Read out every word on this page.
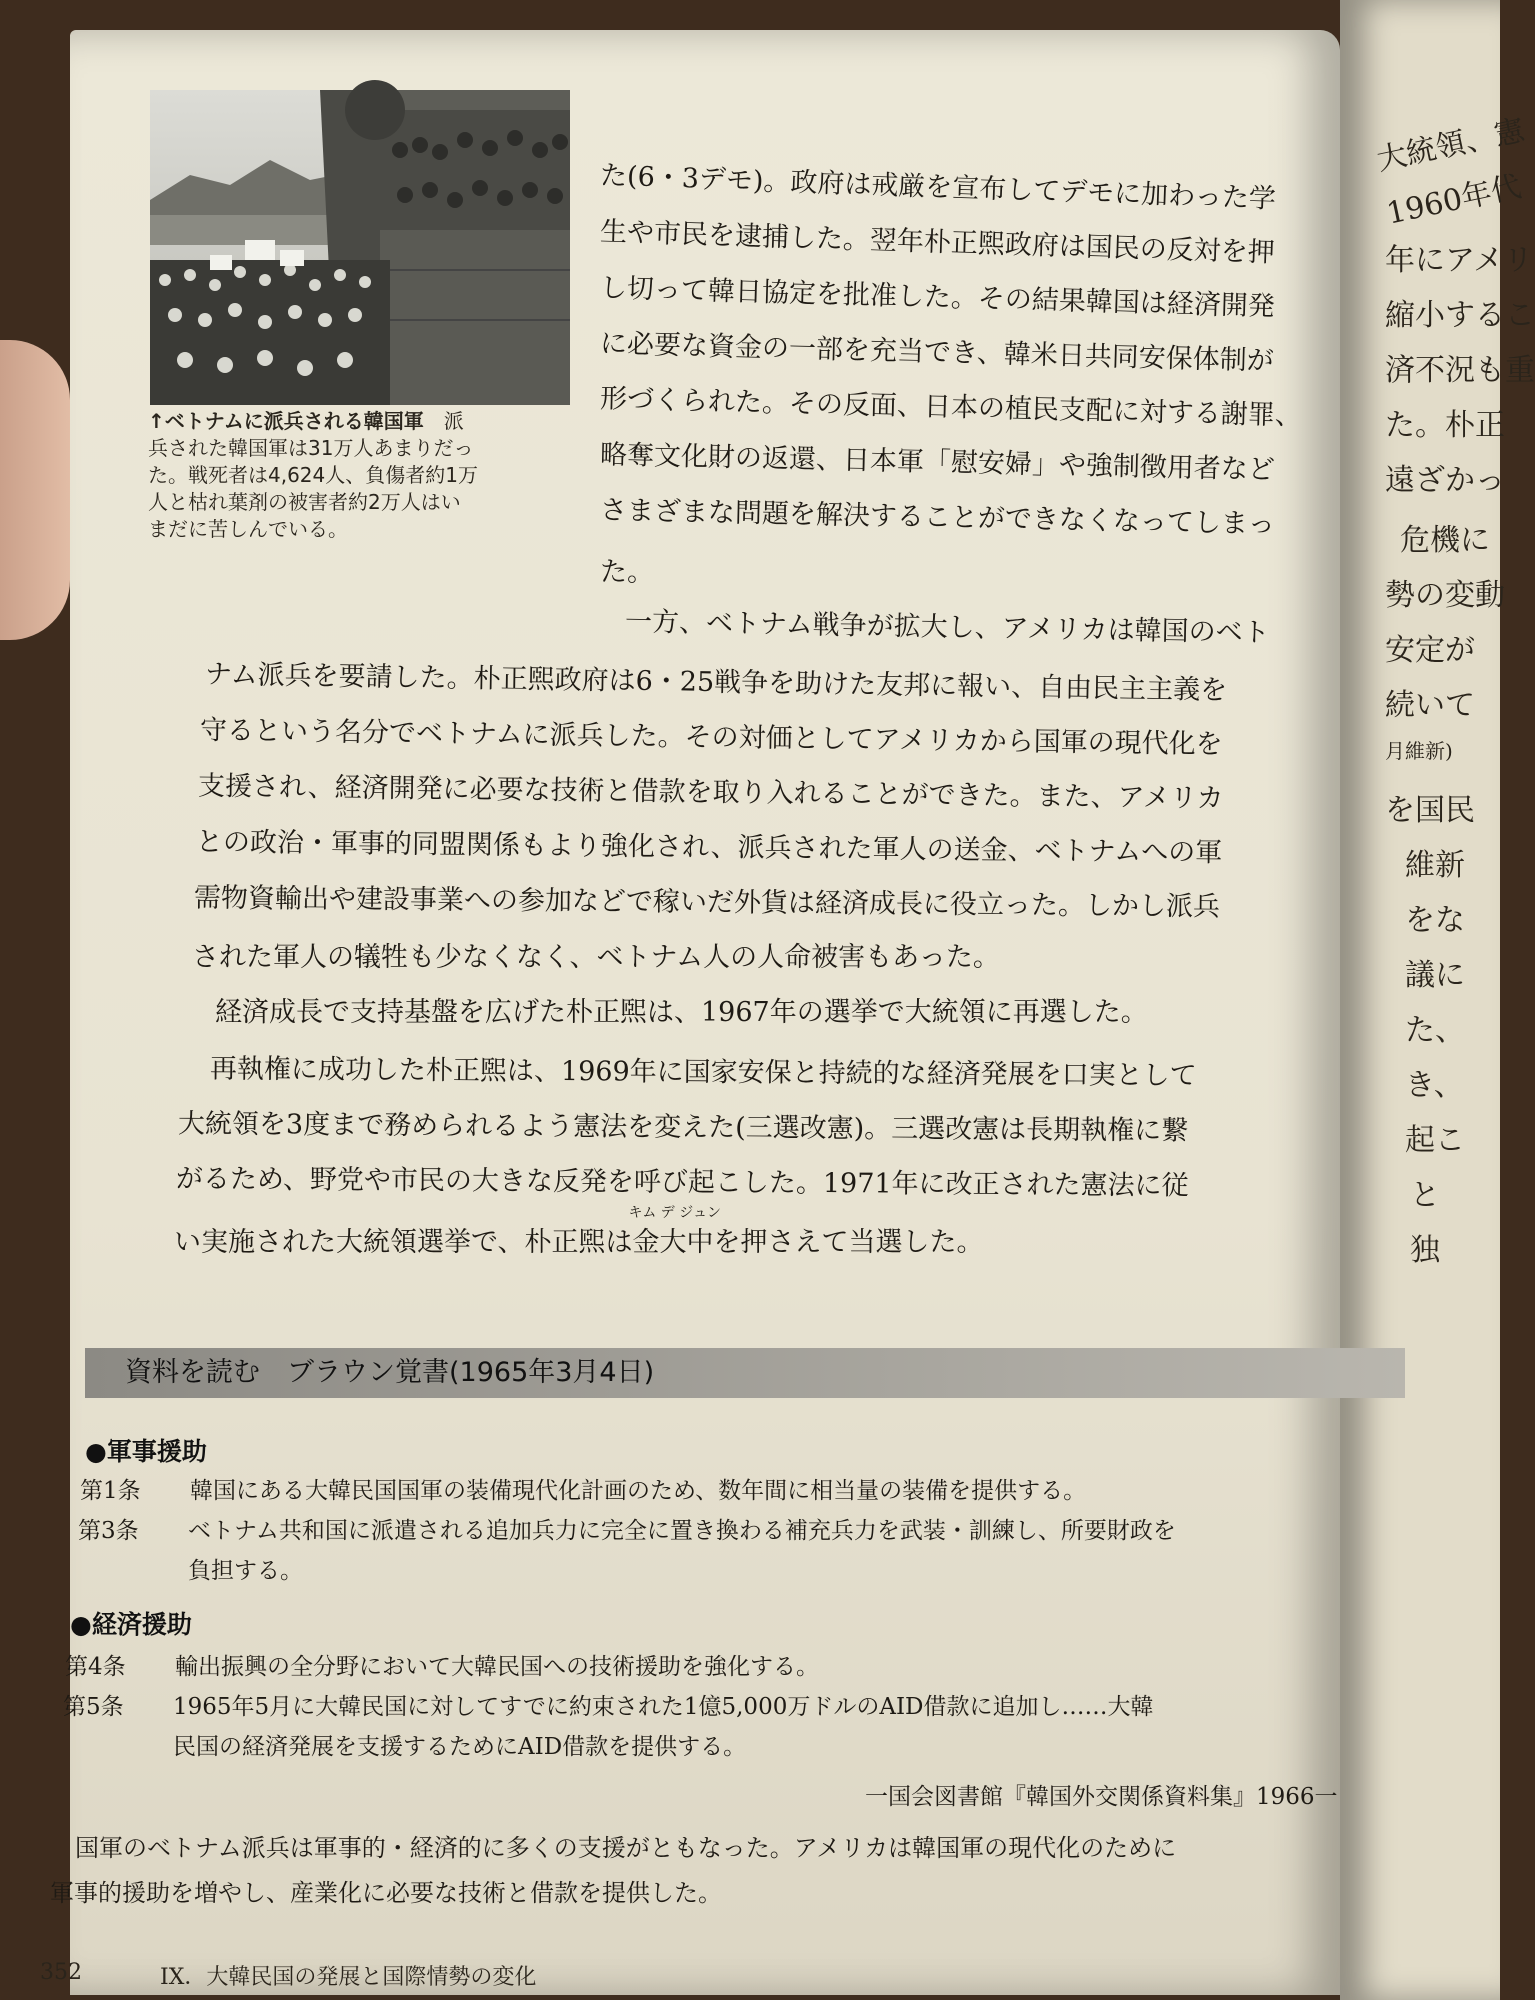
大統領、憲
1960年代
年にアメリ
縮小するこ
済不況も重
た。朴正
遠ざかっ
危機に
勢の変動
安定が
続いて
月維新)
を国民
維新
をな
議に
た、
き、
起こ
と
独
↑ベトナムに派兵される韓国軍　 派
兵された韓国軍は31万人あまりだっ
た。戦死者は4,624人、負傷者約1万
人と枯れ葉剤の被害者約2万人はい
まだに苦しんでいる。
た(6・3デモ)。政府は戒厳を宣布してデモに加わった学
生や市民を逮捕した。翌年朴正煕政府は国民の反対を押
し切って韓日協定を批准した。その結果韓国は経済開発
に必要な資金の一部を充当でき、韓米日共同安保体制が
形づくられた。その反面、日本の植民支配に対する謝罪、
略奪文化財の返還、日本軍「慰安婦」や強制徴用者など
さまざまな問題を解決することができなくなってしまっ
た。
一方、ベトナム戦争が拡大し、アメリカは韓国のベト
ナム派兵を要請した。朴正煕政府は6・25戦争を助けた友邦に報い、自由民主主義を
守るという名分でベトナムに派兵した。その対価としてアメリカから国軍の現代化を
支援され、経済開発に必要な技術と借款を取り入れることができた。また、アメリカ
との政治・軍事的同盟関係もより強化され、派兵された軍人の送金、ベトナムへの軍
需物資輸出や建設事業への参加などで稼いだ外貨は経済成長に役立った。しかし派兵
された軍人の犠牲も少なくなく、ベトナム人の人命被害もあった。
経済成長で支持基盤を広げた朴正煕は、1967年の選挙で大統領に再選した。
再執権に成功した朴正煕は、1969年に国家安保と持続的な経済発展を口実として
大統領を3度まで務められるよう憲法を変えた(三選改憲)。三選改憲は長期執権に繋
がるため、野党や市民の大きな反発を呼び起こした。1971年に改正された憲法に従
い実施された大統領選挙で、朴正煕は
キム デ ジュン
金大中を押さえて当選した。
資料を読む　ブラウン覚書(1965年3月4日)
●軍事援助
第1条 韓国にある大韓民国国軍の装備現代化計画のため、数年間に相当量の装備を提供する。
第3条 ベトナム共和国に派遣される追加兵力に完全に置き換わる補充兵力を武装・訓練し、所要財政を
負担する。
●経済援助
第4条 輸出振興の全分野において大韓民国への技術援助を強化する。
第5条 1965年5月に大韓民国に対してすでに約束された1億5,000万ドルのAID借款に追加し……大韓
民国の経済発展を支援するためにAID借款を提供する。
一国会図書館『韓国外交関係資料集』1966一
国軍のベトナム派兵は軍事的・経済的に多くの支援がともなった。アメリカは韓国軍の現代化のために
軍事的援助を増やし、産業化に必要な技術と借款を提供した。
352	IX．大韓民国の発展と国際情勢の変化
